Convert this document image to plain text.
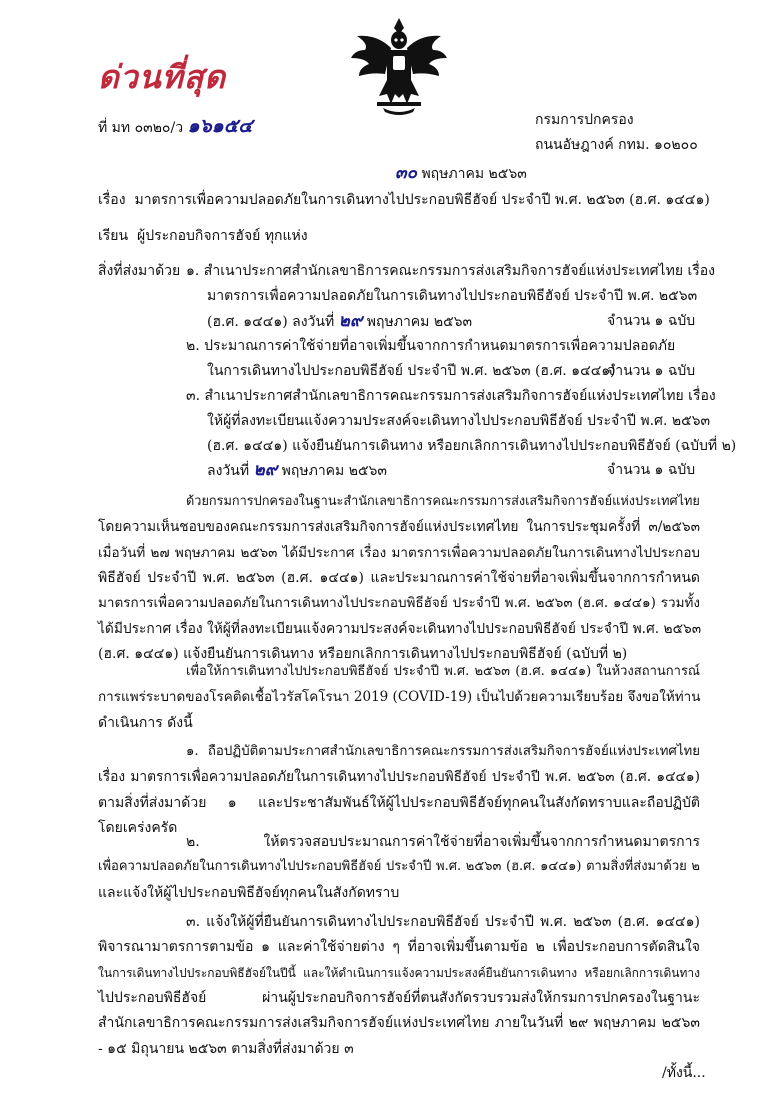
ด่วนที่สุด
ที่ มท ๐๓๒๐/ว ๑๖๑๕๔	กรมการปกครอง
ถนนอัษฎางค์ กทม. ๑๐๒๐๐
๓๐ พฤษภาคม ๒๕๖๓
เรื่อง มาตรการเพื่อความปลอดภัยในการเดินทางไปประกอบพิธีฮัจย์ ประจำปี พ.ศ. ๒๕๖๓ (ฮ.ศ. ๑๔๔๑)
เรียน ผู้ประกอบกิจการฮัจย์ ทุกแห่ง
สิ่งที่ส่งมาด้วย ๑. สำเนาประกาศสำนักเลขาธิการคณะกรรมการส่งเสริมกิจการฮัจย์แห่งประเทศไทย เรื่อง
มาตรการเพื่อความปลอดภัยในการเดินทางไปประกอบพิธีฮัจย์ ประจำปี พ.ศ. ๒๕๖๓
(ฮ.ศ. ๑๔๔๑) ลงวันที่ ๒๙ พฤษภาคม ๒๕๖๓	จำนวน ๑ ฉบับ
๒. ประมาณการค่าใช้จ่ายที่อาจเพิ่มขึ้นจากการกำหนดมาตรการเพื่อความปลอดภัย
ในการเดินทางไปประกอบพิธีฮัจย์ ประจำปี พ.ศ. ๒๕๖๓ (ฮ.ศ. ๑๔๔๑)
จำนวน ๑ ฉบับ
๓. สำเนาประกาศสำนักเลขาธิการคณะกรรมการส่งเสริมกิจการฮัจย์แห่งประเทศไทย เรื่อง
ให้ผู้ที่ลงทะเบียนแจ้งความประสงค์จะเดินทางไปประกอบพิธีฮัจย์ ประจำปี พ.ศ. ๒๕๖๓
(ฮ.ศ. ๑๔๔๑) แจ้งยืนยันการเดินทาง หรือยกเลิกการเดินทางไปประกอบพิธีฮัจย์ (ฉบับที่ ๒)
ลงวันที่ ๒๙ พฤษภาคม ๒๕๖๓	จำนวน ๑ ฉบับ
ด้วยกรมการปกครองในฐานะสำนักเลขาธิการคณะกรรมการส่งเสริมกิจการฮัจย์แห่งประเทศไทย
โดยความเห็นชอบของคณะกรรมการส่งเสริมกิจการฮัจย์แห่งประเทศไทย ในการประชุมครั้งที่ ๓/๒๕๖๓
เมื่อวันที่ ๒๗ พฤษภาคม ๒๕๖๓ ได้มีประกาศ เรื่อง มาตรการเพื่อความปลอดภัยในการเดินทางไปประกอบ
พิธีฮัจย์ ประจำปี พ.ศ. ๒๕๖๓ (ฮ.ศ. ๑๔๔๑) และประมาณการค่าใช้จ่ายที่อาจเพิ่มขึ้นจากการกำหนด
มาตรการเพื่อความปลอดภัยในการเดินทางไปประกอบพิธีฮัจย์ ประจำปี พ.ศ. ๒๕๖๓ (ฮ.ศ. ๑๔๔๑) รวมทั้ง
ได้มีประกาศ เรื่อง ให้ผู้ที่ลงทะเบียนแจ้งความประสงค์จะเดินทางไปประกอบพิธีฮัจย์ ประจำปี พ.ศ. ๒๕๖๓
(ฮ.ศ. ๑๔๔๑) แจ้งยืนยันการเดินทาง หรือยกเลิกการเดินทางไปประกอบพิธีฮัจย์ (ฉบับที่ ๒)
เพื่อให้การเดินทางไปประกอบพิธีฮัจย์ ประจำปี พ.ศ. ๒๕๖๓ (ฮ.ศ. ๑๔๔๑) ในห้วงสถานการณ์
การแพร่ระบาดของโรคติดเชื้อไวรัสโคโรนา 2019 (COVID-19) เป็นไปด้วยความเรียบร้อย จึงขอให้ท่าน
ดำเนินการ ดังนี้
๑. ถือปฏิบัติตามประกาศสำนักเลขาธิการคณะกรรมการส่งเสริมกิจการฮัจย์แห่งประเทศไทย
เรื่อง มาตรการเพื่อความปลอดภัยในการเดินทางไปประกอบพิธีฮัจย์ ประจำปี พ.ศ. ๒๕๖๓ (ฮ.ศ. ๑๔๔๑)
ตามสิ่งที่ส่งมาด้วย ๑ และประชาสัมพันธ์ให้ผู้ไปประกอบพิธีฮัจย์ทุกคนในสังกัดทราบและถือปฏิบัติ
โดยเคร่งครัด
๒. ให้ตรวจสอบประมาณการค่าใช้จ่ายที่อาจเพิ่มขึ้นจากการกำหนดมาตรการ
เพื่อความปลอดภัยในการเดินทางไปประกอบพิธีฮัจย์ ประจำปี พ.ศ. ๒๕๖๓ (ฮ.ศ. ๑๔๔๑) ตามสิ่งที่ส่งมาด้วย ๒
และแจ้งให้ผู้ไปประกอบพิธีฮัจย์ทุกคนในสังกัดทราบ
๓. แจ้งให้ผู้ที่ยืนยันการเดินทางไปประกอบพิธีฮัจย์ ประจำปี พ.ศ. ๒๕๖๓ (ฮ.ศ. ๑๔๔๑)
พิจารณามาตรการตามข้อ ๑ และค่าใช้จ่ายต่าง ๆ ที่อาจเพิ่มขึ้นตามข้อ ๒ เพื่อประกอบการตัดสินใจ
ในการเดินทางไปประกอบพิธีฮัจย์ในปีนี้ และให้ดำเนินการแจ้งความประสงค์ยืนยันการเดินทาง หรือยกเลิกการเดินทาง
ไปประกอบพิธีฮัจย์ ผ่านผู้ประกอบกิจการฮัจย์ที่ตนสังกัดรวบรวมส่งให้กรมการปกครองในฐานะ
สำนักเลขาธิการคณะกรรมการส่งเสริมกิจการฮัจย์แห่งประเทศไทย ภายในวันที่ ๒๙ พฤษภาคม ๒๕๖๓
- ๑๕ มิถุนายน ๒๕๖๓ ตามสิ่งที่ส่งมาด้วย ๓
/ทั้งนี้...
